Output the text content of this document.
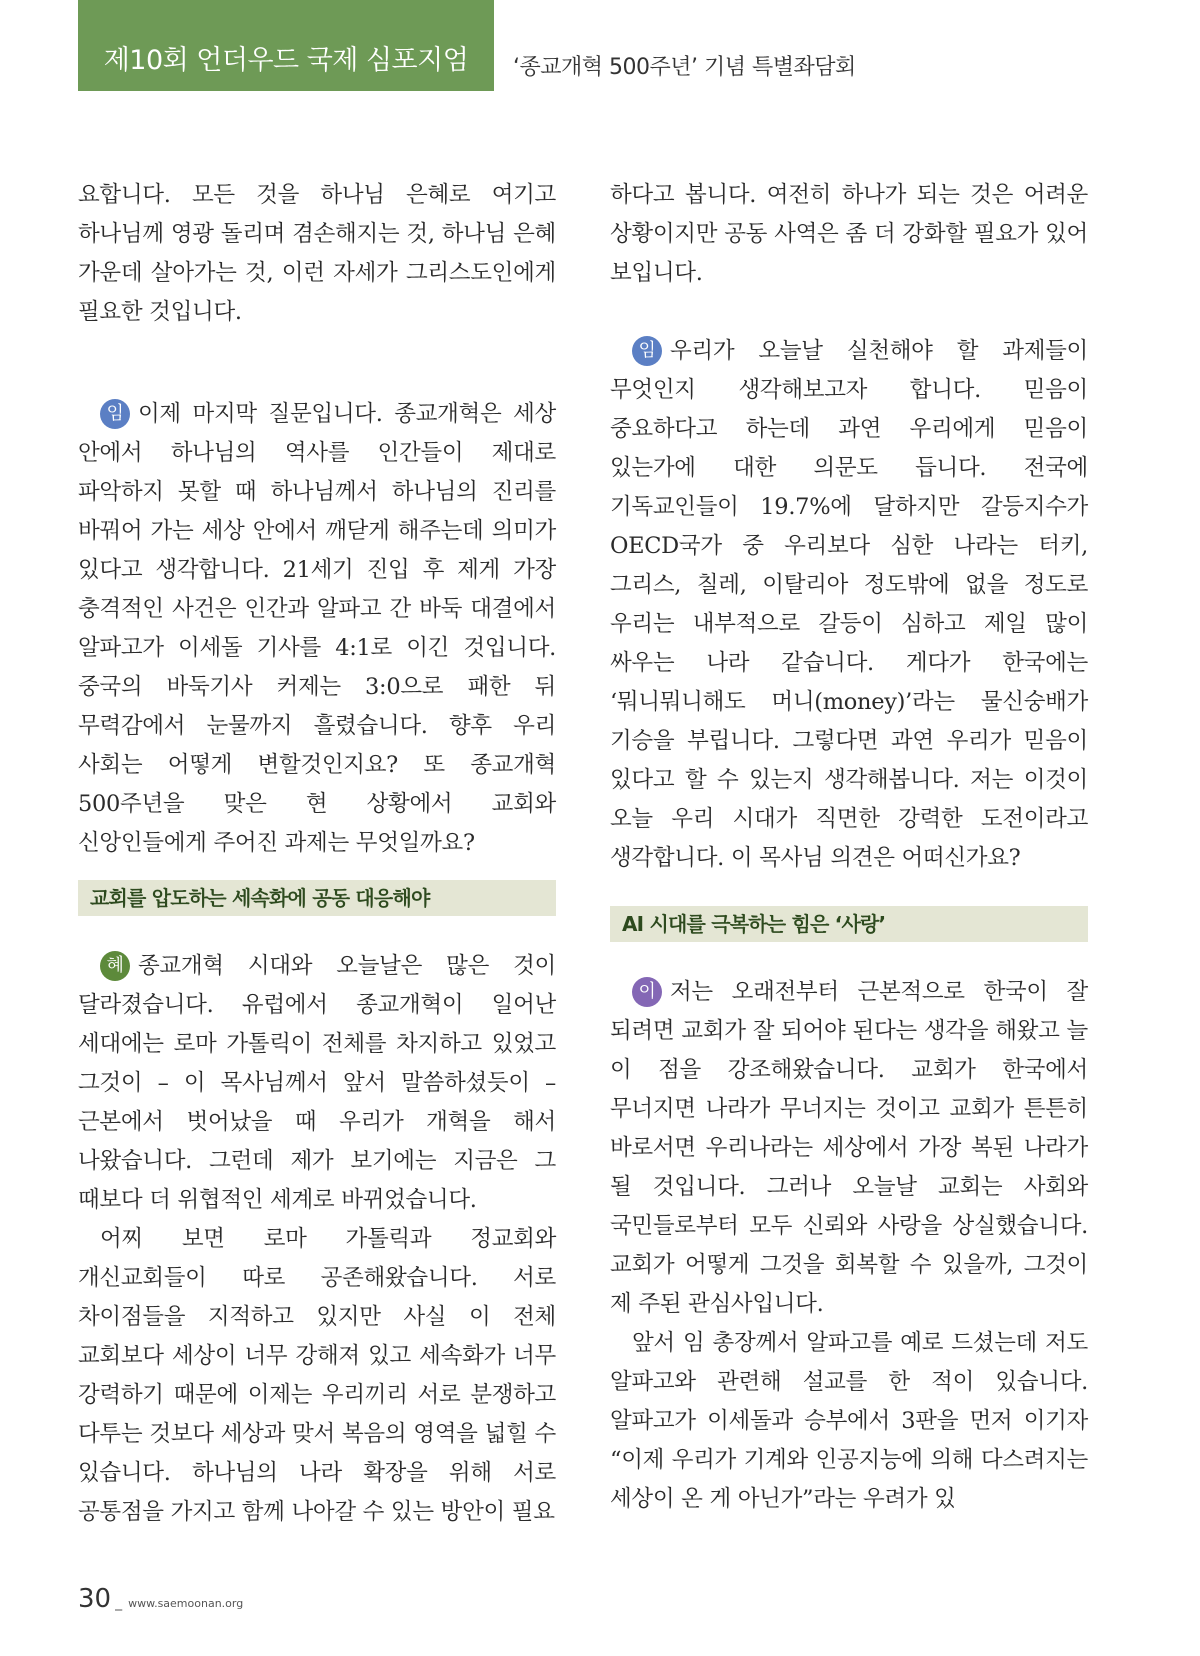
제10회 언더우드 국제 심포지엄 ‘종교개혁 500주년’ 기념 특별좌담회

요합니다. 모든 것을 하나님 은혜로 여기고 하나님께 영광 돌리며 겸손해지는 것, 하나님 은혜 가운데 살아가는 것, 이런 자세가 그리스도인에게 필요한 것입니다.

임 이제 마지막 질문입니다. 종교개혁은 세상 안에서 하나님의 역사를 인간들이 제대로 파악하지 못할 때 하나님께서 하나님의 진리를 바꿔어 가는 세상 안에서 깨닫게 해주는데 의미가 있다고 생각합니다. 21세기 진입 후 제게 가장 충격적인 사건은 인간과 알파고 간 바둑 대결에서 알파고가 이세돌 기사를 4:1로 이긴 것입니다. 중국의 바둑기사 커제는 3:0으로 패한 뒤 무력감에서 눈물까지 흘렸습니다. 향후 우리 사회는 어떻게 변할것인지요? 또 종교개혁 500주년을 맞은 현 상황에서 교회와 신앙인들에게 주어진 과제는 무엇일까요?

교회를 압도하는 세속화에 공동 대응해야

혜 종교개혁 시대와 오늘날은 많은 것이 달라졌습니다. 유럽에서 종교개혁이 일어난 세대에는 로마 가톨릭이 전체를 차지하고 있었고 그것이 – 이 목사님께서 앞서 말씀하셨듯이 – 근본에서 벗어났을 때 우리가 개혁을 해서 나왔습니다. 그런데 제가 보기에는 지금은 그 때보다 더 위협적인 세계로 바뀌었습니다.

어찌 보면 로마 가톨릭과 정교회와 개신교회들이 따로 공존해왔습니다. 서로 차이점들을 지적하고 있지만 사실 이 전체 교회보다 세상이 너무 강해져 있고 세속화가 너무 강력하기 때문에 이제는 우리끼리 서로 분쟁하고 다투는 것보다 세상과 맞서 복음의 영역을 넓힐 수 있습니다. 하나님의 나라 확장을 위해 서로 공통점을 가지고 함께 나아갈 수 있는 방안이 필요

하다고 봅니다. 여전히 하나가 되는 것은 어려운 상황이지만 공동 사역은 좀 더 강화할 필요가 있어 보입니다.

임 우리가 오늘날 실천해야 할 과제들이 무엇인지 생각해보고자 합니다. 믿음이 중요하다고 하는데 과연 우리에게 믿음이 있는가에 대한 의문도 듭니다. 전국에 기독교인들이 19.7%에 달하지만 갈등지수가 OECD국가 중 우리보다 심한 나라는 터키, 그리스, 칠레, 이탈리아 정도밖에 없을 정도로 우리는 내부적으로 갈등이 심하고 제일 많이 싸우는 나라 같습니다. 게다가 한국에는 ‘뭐니뭐니해도 머니(money)’라는 물신숭배가 기승을 부립니다. 그렇다면 과연 우리가 믿음이 있다고 할 수 있는지 생각해봅니다. 저는 이것이 오늘 우리 시대가 직면한 강력한 도전이라고 생각합니다. 이 목사님 의견은 어떠신가요?

AI 시대를 극복하는 힘은 ‘사랑’

이 저는 오래전부터 근본적으로 한국이 잘 되려면 교회가 잘 되어야 된다는 생각을 해왔고 늘 이 점을 강조해왔습니다. 교회가 한국에서 무너지면 나라가 무너지는 것이고 교회가 튼튼히 바로서면 우리나라는 세상에서 가장 복된 나라가 될 것입니다. 그러나 오늘날 교회는 사회와 국민들로부터 모두 신뢰와 사랑을 상실했습니다. 교회가 어떻게 그것을 회복할 수 있을까, 그것이 제 주된 관심사입니다.

앞서 임 총장께서 알파고를 예로 드셨는데 저도 알파고와 관련해 설교를 한 적이 있습니다. 알파고가 이세돌과 승부에서 3판을 먼저 이기자 “이제 우리가 기계와 인공지능에 의해 다스려지는 세상이 온 게 아닌가”라는 우려가 있

30 _ www.saemoonan.org
